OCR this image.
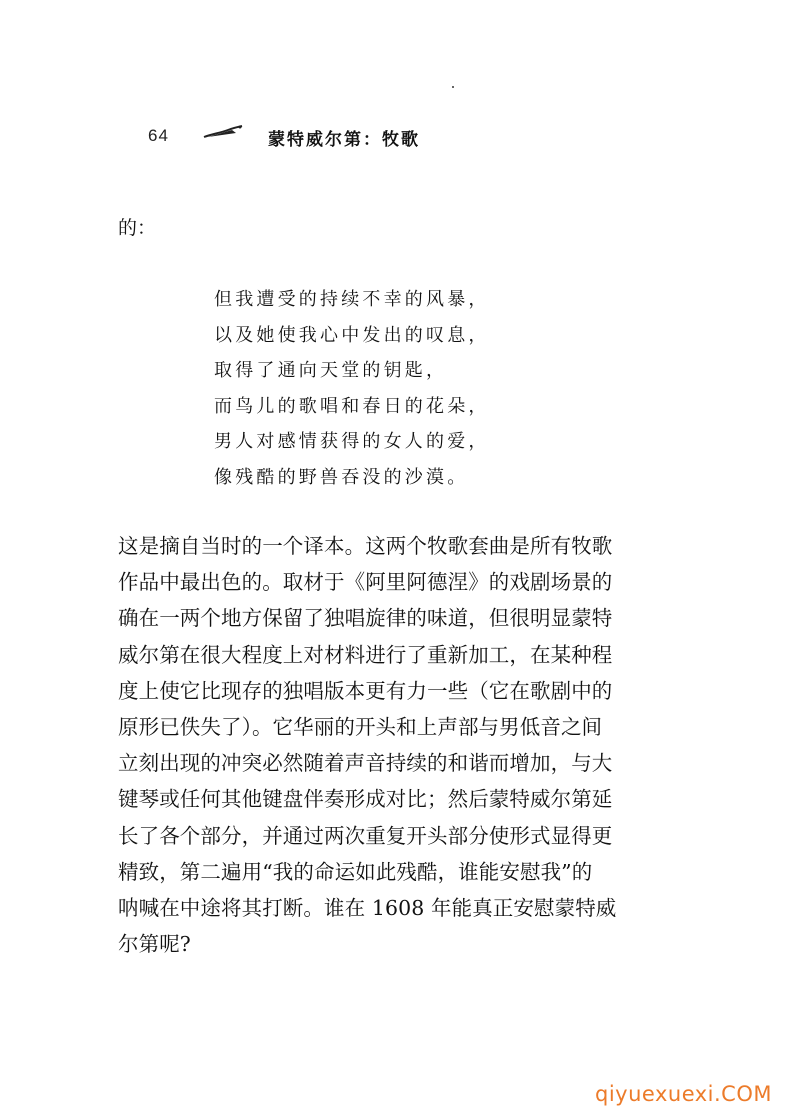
64	蒙特威尔第：牧歌
的：
但我遭受的持续不幸的风暴，
以及她使我心中发出的叹息，
取得了通向天堂的钥匙，
而鸟儿的歌唱和春日的花朵，
男人对感情获得的女人的爱，
像残酷的野兽吞没的沙漠。
这是摘自当时的一个译本。这两个牧歌套曲是所有牧歌
作品中最出色的。取材于《阿里阿德涅》的戏剧场景的
确在一两个地方保留了独唱旋律的味道，但很明显蒙特
威尔第在很大程度上对材料进行了重新加工，在某种程
度上使它比现存的独唱版本更有力一些（它在歌剧中的
原形已佚失了）。它华丽的开头和上声部与男低音之间
立刻出现的冲突必然随着声音持续的和谐而增加，与大
键琴或任何其他键盘伴奏形成对比；然后蒙特威尔第延
长了各个部分，并通过两次重复开头部分使形式显得更
精致，第二遍用“我的命运如此残酷，谁能安慰我”的
呐喊在中途将其打断。谁在 1608 年能真正安慰蒙特威
尔第呢?
qiyuexuexi.COM
